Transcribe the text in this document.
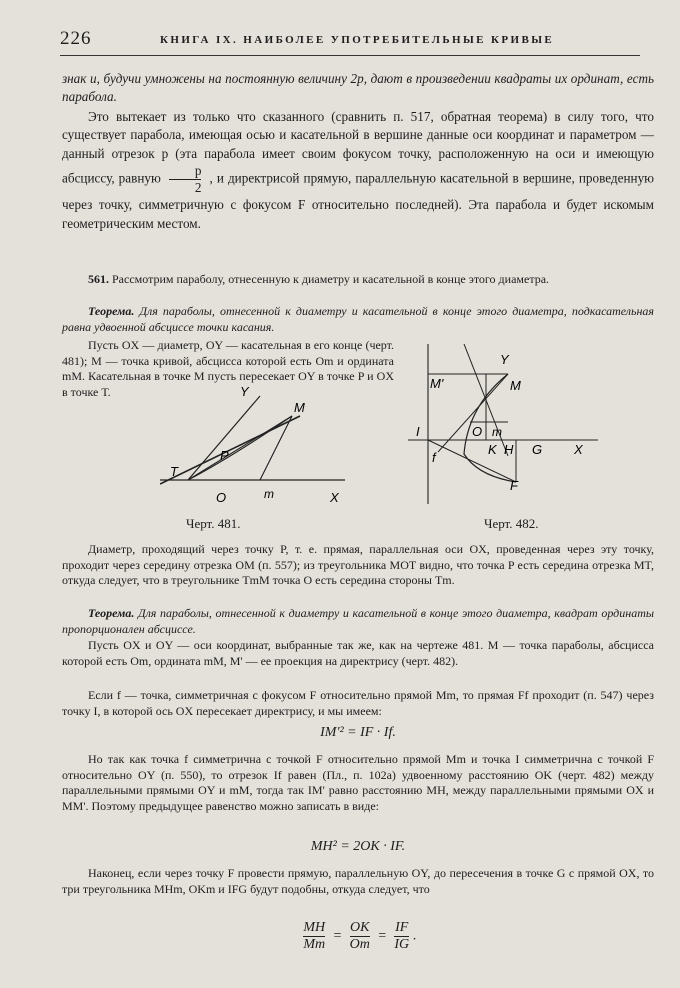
226	КНИГА IX. НАИБОЛЕЕ УПОТРЕБИТЕЛЬНЫЕ КРИВЫЕ
знак и, будучи умножены на постоянную величину 2p, дают в произведении квадраты их ординат, есть парабола.
Это вытекает из только что сказанного (сравнить п. 517, обратная теорема) в силу того, что существует парабола, имеющая осью и касательной в вершине данные оси координат и параметром — данный отрезок p (эта парабола имеет своим фокусом точку, расположенную на оси и имеющую абсциссу, равную $\frac{p}{2}$ , и директрисой прямую, параллельную касательной в вершине, проведенную через точку, симметричную с фокусом F относительно последней). Эта парабола и будет искомым геометрическим местом.
561. Рассмотрим параболу, отнесенную к диаметру и касательной в конце этого диаметра.
Теорема. Для параболы, отнесенной к диаметру и касательной в конце этого диаметра, подкасательная равна удвоенной абсциссе точки касания.
Пусть OX — диаметр, OY — касательная в его конце (черт. 481); M — точка кривой, абсцисса которой есть Om и ордината mM. Касательная в точке M пусть пересекает OY в точке P и OX в точке T.	Y
M
P
T
O	m	X
Черт. 481.
Y
M'	M
O m
I
f
K H G X
F
Черт. 482.
Диаметр, проходящий через точку P, т. е. прямая, параллельная оси OX, проведенная через эту точку, проходит через середину отрезка OM (п. 557); из треугольника MOT видно, что точка P есть середина отрезка MT, откуда следует, что в треугольнике TmM точка O есть середина стороны Tm.
Теорема. Для параболы, отнесенной к диаметру и касательной в конце этого диаметра, квадрат ординаты пропорционален абсциссе.
Пусть OX и OY — оси координат, выбранные так же, как на чертеже 481. M — точка параболы, абсцисса которой есть Om, ордината mM, M' — ее проекция на директрису (черт. 482).
Если f — точка, симметричная с фокусом F относительно прямой Mm, то прямая Ff проходит (п. 547) через точку I, в которой ось OX пересекает директрису, и мы имеем:
IM'² = IF · If.
Но так как точка f симметрична с точкой F относительно прямой Mm и точка I симметрична с точкой F относительно OY (п. 550), то отрезок If равен (Пл., п. 102а) удвоенному расстоянию OK (черт. 482) между параллельными прямыми OY и mM, тогда так IM' равно расстоянию MH, между параллельными прямыми OX и MM'. Поэтому предыдущее равенство можно записать в виде:
MH² = 2OK · IF.
Наконец, если через точку F провести прямую, параллельную OY, до пересечения в точке G с прямой OX, то три треугольника MHm, OKm и IFG будут подобны, откуда следует, что
$\frac{MH}{Mm} = \frac{OK}{Om} = \frac{IF}{IG}$ .
